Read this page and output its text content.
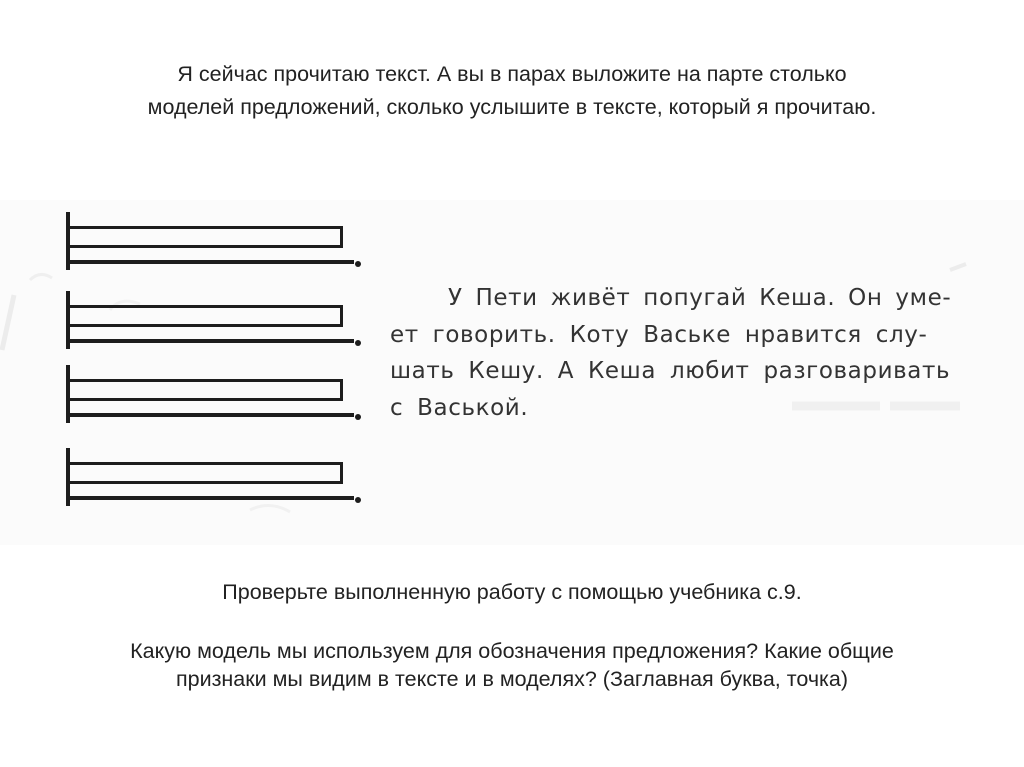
Я сейчас прочитаю текст. А вы в парах выложите на парте столько
моделей предложений, сколько услышите в тексте, который я прочитаю.
У Пети живёт попугай Кеша. Он уме-
ет говорить. Коту Ваське нравится слу-
шать Кешу. А Кеша любит разговаривать
с Васькой.
Проверьте выполненную работу с помощью учебника с.9.
Какую модель мы используем для обозначения предложения? Какие общие
признаки мы видим в тексте и в моделях? (Заглавная буква, точка)
